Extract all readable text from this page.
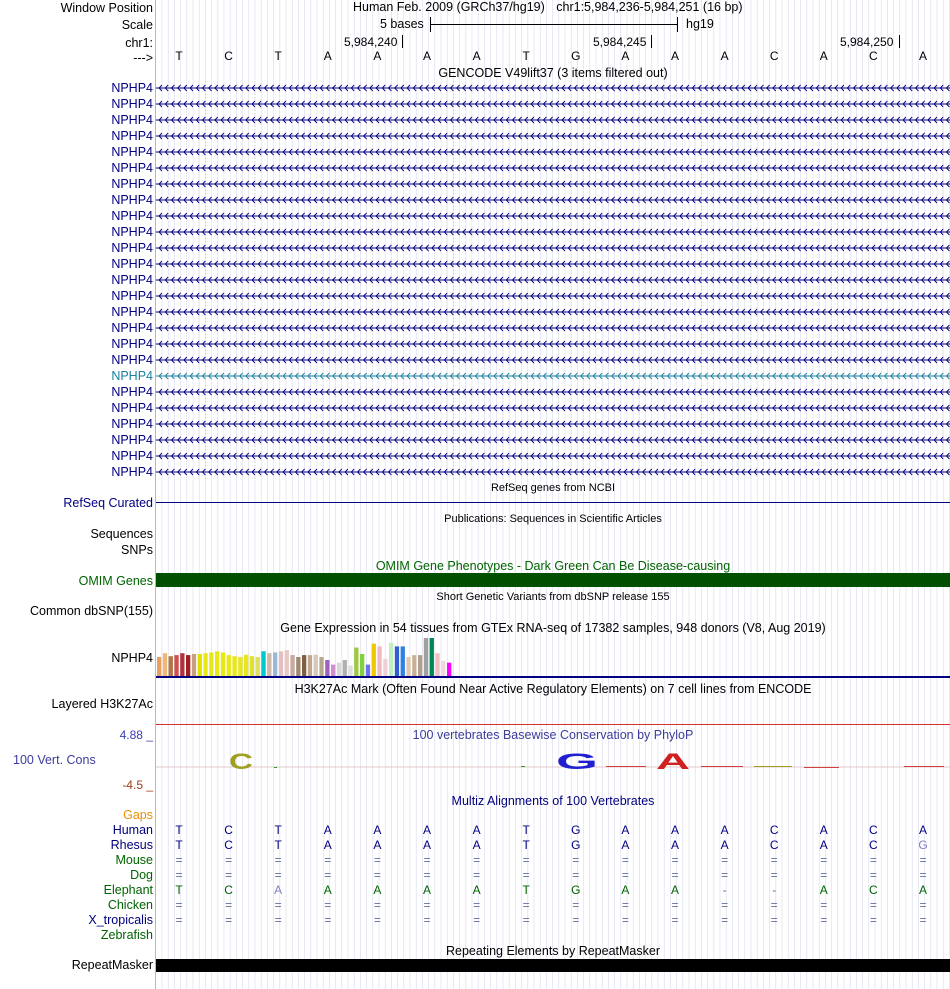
Window Position	Human Feb. 2009 (GRCh37/hg19) chr1:5,984,236-5,984,251 (16 bp)
Scale	5 bases	hg19
chr1:	5,984,240	5,984,245	5,984,250
--->	T	C	T	A	A	A	A	T	G	A	A	A	C	A	C	A
GENCODE V49lift37 (3 items filtered out)
NPHP4
NPHP4
NPHP4
NPHP4
NPHP4
NPHP4
NPHP4
NPHP4
NPHP4
NPHP4
NPHP4
NPHP4
NPHP4
NPHP4
NPHP4
NPHP4
NPHP4
NPHP4
NPHP4
NPHP4
NPHP4
NPHP4
NPHP4
NPHP4
NPHP4
RefSeq genes from NCBI
RefSeq Curated
Publications: Sequences in Scientific Articles
Sequences
SNPs
OMIM Gene Phenotypes - Dark Green Can Be Disease-causing
OMIM Genes
Short Genetic Variants from dbSNP release 155
Common dbSNP(155)
Gene Expression in 54 tissues from GTEx RNA-seq of 17382 samples, 948 donors (V8, Aug 2019)
NPHP4
H3K27Ac Mark (Often Found Near Active Regulatory Elements) on 7 cell lines from ENCODE
Layered H3K27Ac
100 vertebrates Basewise Conservation by PhyloP
4.88 _
100 Vert. Cons
-4.5 _
C	G	A
Multiz Alignments of 100 Vertebrates
Gaps
Human	T	C	T	A	A	A	A	T	G	A	A	A	C	A	C	A
Rhesus	T	C	T	A	A	A	A	T	G	A	A	A	C	A	C	G
Mouse	=	=	=	=	=	=	=	=	=	=	=	=	=	=	=	=
Dog	=	=	=	=	=	=	=	=	=	=	=	=	=	=	=	=
Elephant	T	C	A	A	A	A	A	T	G	A	A	-	-	A	C	A
Chicken	=	=	=	=	=	=	=	=	=	=	=	=	=	=	=	=
X_tropicalis	=	=	=	=	=	=	=	=	=	=	=	=	=	=	=	=
Zebrafish
Repeating Elements by RepeatMasker
RepeatMasker
